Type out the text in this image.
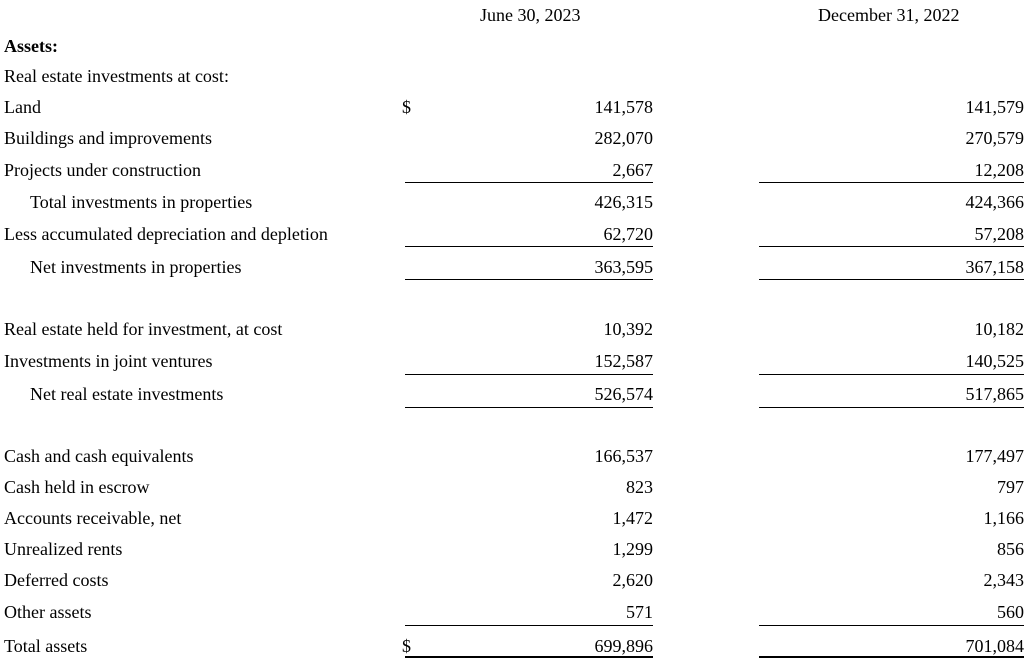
June 30, 2023	December 31, 2022
Assets:
Real estate investments at cost:
Land	$	141,578	141,579
Buildings and improvements	282,070	270,579
Projects under construction	2,667	12,208
Total investments in properties	426,315	424,366
Less accumulated depreciation and depletion	62,720	57,208
Net investments in properties	363,595	367,158
Real estate held for investment, at cost	10,392	10,182
Investments in joint ventures	152,587	140,525
Net real estate investments	526,574	517,865
Cash and cash equivalents	166,537	177,497
Cash held in escrow	823	797
Accounts receivable, net	1,472	1,166
Unrealized rents	1,299	856
Deferred costs	2,620	2,343
Other assets	571	560
Total assets	$	699,896	701,084
